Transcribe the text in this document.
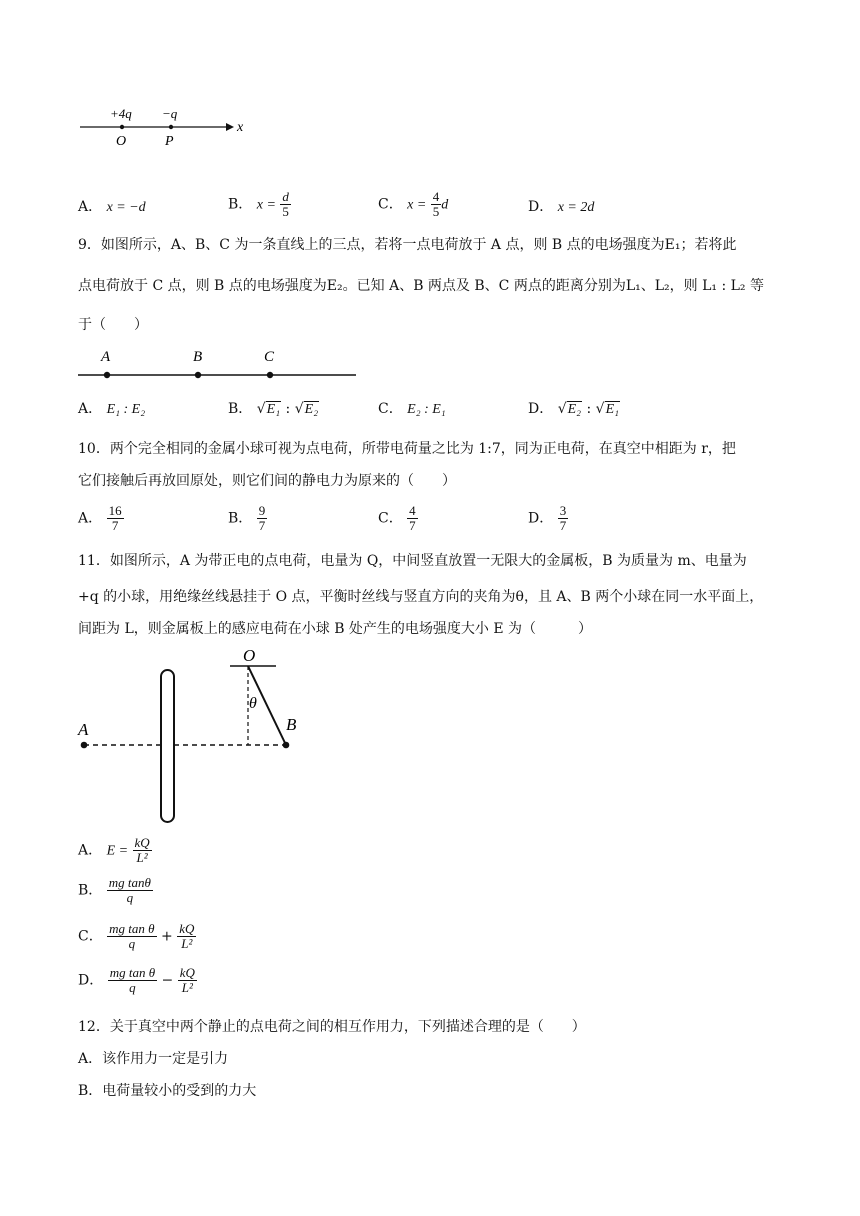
+4q −q
O	P
x
A． x = −d	B． $x = \frac{d}{5}$	C． $x = \frac{4}{5}$ d	D． x = 2d
9．如图所示，A、B、C 为一条直线上的三点，若将一点电荷放于 A 点，则 B 点的电场强度为E₁；若将此
点电荷放于 C 点，则 B 点的电场强度为E₂。已知 A、B 两点及 B、C 两点的距离分别为L₁、L₂，则 L₁ : L₂ 等
于（　　）
A	B	C
A． E₁ : E₂	B． √E₁ : √E₂	C． E₂ : E₁	D． √E₂ : √E₁
10．两个完全相同的金属小球可视为点电荷，所带电荷量之比为 1:7，同为正电荷，在真空中相距为 r，把
它们接触后再放回原处，则它们间的静电力为原来的（　　）
A． $\frac{16}{7}$	B． $\frac{9}{7}$	C． $\frac{4}{7}$	D． $\frac{3}{7}$
11．如图所示，A 为带正电的点电荷，电量为 Q，中间竖直放置一无限大的金属板，B 为质量为 m、电量为
+q 的小球，用绝缘丝线悬挂于 O 点，平衡时丝线与竖直方向的夹角为θ，且 A、B 两个小球在同一水平面上，
间距为 L，则金属板上的感应电荷在小球 B 处产生的电场强度大小 E 为（　　　）
A	B
O
θ
A． $E = \frac{kQ}{\text{L²}}$
B． $\frac{\text{mg tanθ}}{q}$
C． $\frac{\text{mg tan θ}}{q} + \frac{kQ}{\text{L²}}$
D． $\frac{\text{mg tan θ}}{q} - \frac{kQ}{\text{L²}}$
12．关于真空中两个静止的点电荷之间的相互作用力，下列描述合理的是（　　）
A．该作用力一定是引力
B．电荷量较小的受到的力大
